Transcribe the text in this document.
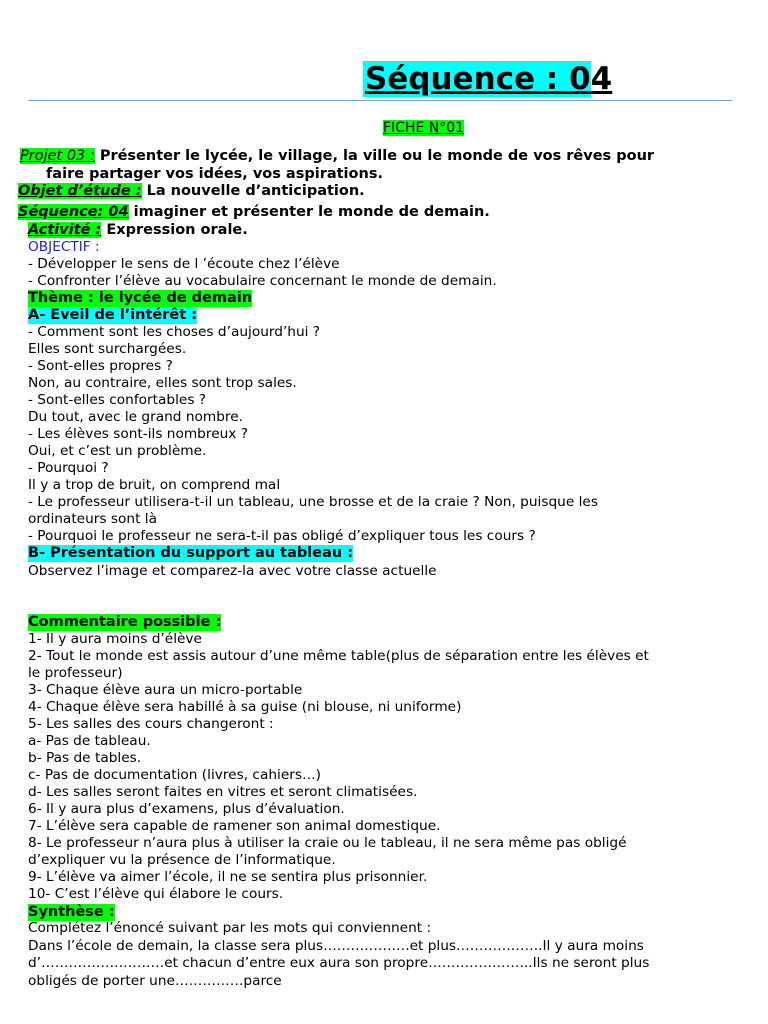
Séquence : 0 4
FICHE N°01
Projet 03 : Présenter le lycée, le village, la ville ou le monde de vos rêves pour
faire partager vos idées, vos aspirations.
Objet d’étude : La nouvelle d’anticipation.
Séquence: 04 imaginer et présenter le monde de demain.
Activité : Expression orale.
OBJECTIF :
- Développer le sens de l ’écoute chez l’élève
- Confronter l’élève au vocabulaire concernant le monde de demain.
Thème : le lycée de demain
A- Eveil de l’intérêt :
- Comment sont les choses d’aujourd’hui ?
Elles sont surchargées.
- Sont-elles propres ?
Non, au contraire, elles sont trop sales.
- Sont-elles confortables ?
Du tout, avec le grand nombre.
- Les élèves sont-ils nombreux ?
Oui, et c’est un problème.
- Pourquoi ?
Il y a trop de bruit, on comprend mal
- Le professeur utilisera-t-il un tableau, une brosse et de la craie ? Non, puisque les
ordinateurs sont là
- Pourquoi le professeur ne sera-t-il pas obligé d’expliquer tous les cours ?
B- Présentation du support au tableau :
Observez l’image et comparez-la avec votre classe actuelle
Commentaire possible :
1- Il y aura moins d’élève
2- Tout le monde est assis autour d’une même table(plus de séparation entre les élèves et
le professeur)
3- Chaque élève aura un micro-portable
4- Chaque élève sera habillé à sa guise (ni blouse, ni uniforme)
5- Les salles des cours changeront :
a- Pas de tableau.
b- Pas de tables.
c- Pas de documentation (livres, cahiers…)
d- Les salles seront faites en vitres et seront climatisées.
6- Il y aura plus d’examens, plus d’évaluation.
7- L’élève sera capable de ramener son animal domestique.
8- Le professeur n’aura plus à utiliser la craie ou le tableau, il ne sera même pas obligé
d’expliquer vu la présence de l’informatique.
9- L’élève va aimer l’école, il ne se sentira plus prisonnier.
10- C’est l’élève qui élabore le cours.
Synthèse :
Complétez l’énoncé suivant par les mots qui conviennent :
Dans l’école de demain, la classe sera plus……………….et plus……………….Il y aura moins
d’………………………et chacun d’entre eux aura son propre…………………..Ils ne seront plus
obligés de porter une……………parce
